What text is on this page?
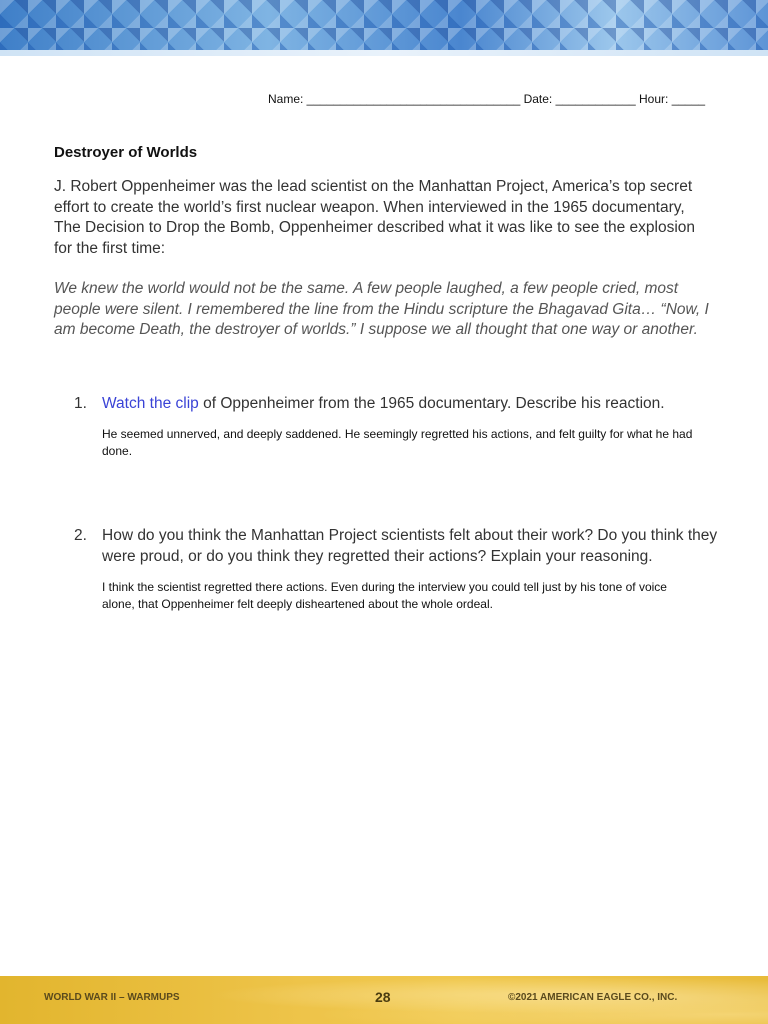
Name: ________________________________ Date: ____________ Hour: _____
Destroyer of Worlds
J. Robert Oppenheimer was the lead scientist on the Manhattan Project, America’s top secret effort to create the world’s first nuclear weapon. When interviewed in the 1965 documentary, The Decision to Drop the Bomb, Oppenheimer described what it was like to see the explosion for the first time:
We knew the world would not be the same. A few people laughed, a few people cried, most people were silent. I remembered the line from the Hindu scripture the Bhagavad Gita… “Now, I am become Death, the destroyer of worlds.” I suppose we all thought that one way or another.
1. Watch the clip of Oppenheimer from the 1965 documentary. Describe his reaction.
He seemed unnerved, and deeply saddened. He seemingly regretted his actions, and felt guilty for what he had done.
2. How do you think the Manhattan Project scientists felt about their work? Do you think they were proud, or do you think they regretted their actions? Explain your reasoning.
I think the scientist regretted there actions. Even during the interview you could tell just by his tone of voice alone, that Oppenheimer felt deeply disheartened about the whole ordeal.
WORLD WAR II – WARMUPS	28	©2021 AMERICAN EAGLE CO., INC.
